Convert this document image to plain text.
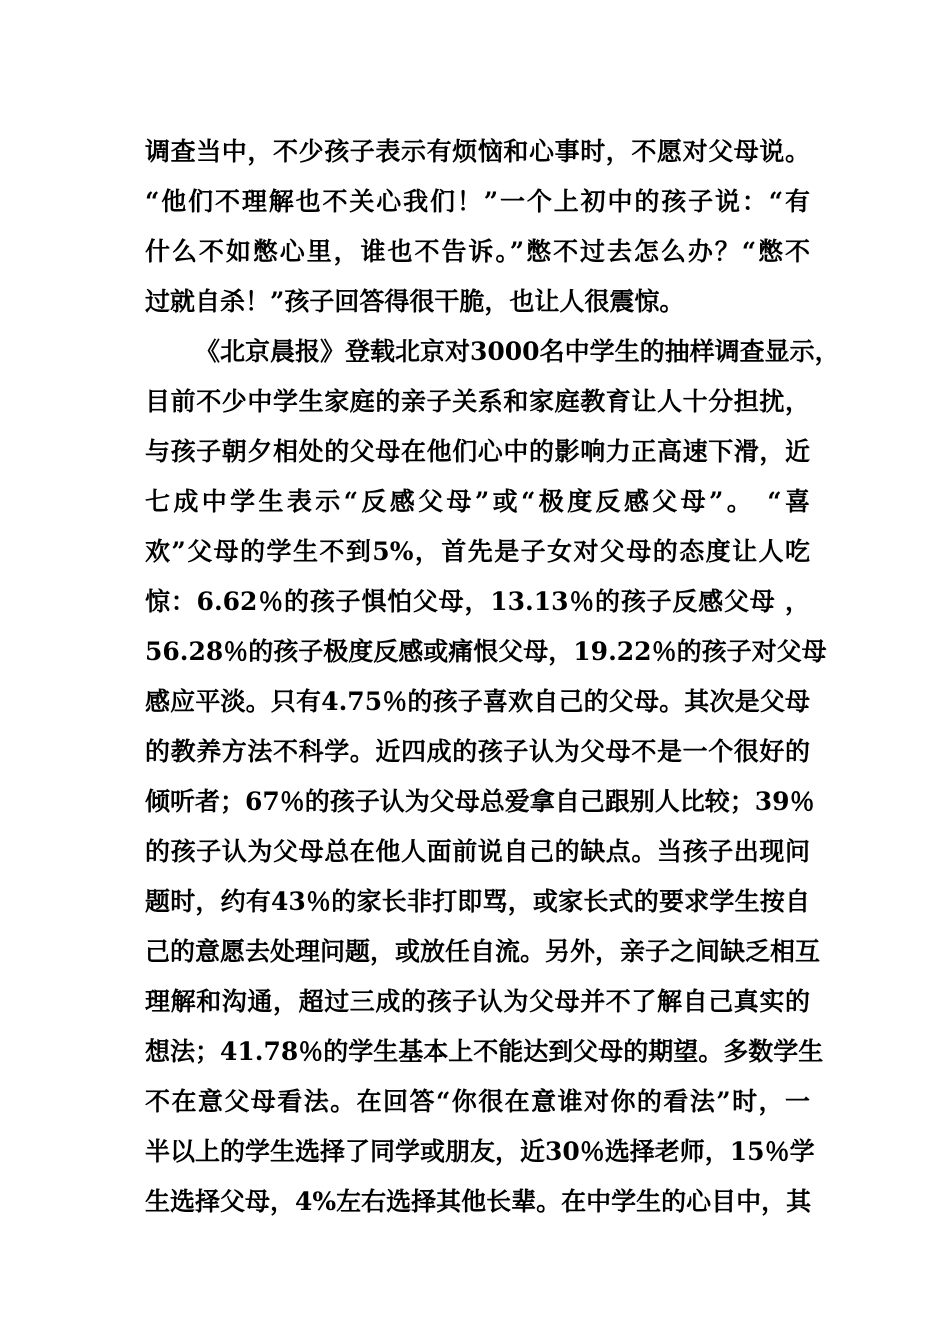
调查当中，不少孩子表示有烦恼和心事时，不愿对父母说。
“他们不理解也不关心我们！”一个上初中的孩子说：“有
什么不如憋心里，谁也不告诉。”憋不过去怎么办？“憋不
过就自杀！”孩子回答得很干脆，也让人很震惊。
《北京晨报》登载北京对3000名中学生的抽样调查显示，
目前不少中学生家庭的亲子关系和家庭教育让人十分担扰，
与孩子朝夕相处的父母在他们心中的影响力正高速下滑，近
七成中学生表示“反感父母”或“极度反感父母”。 “喜
欢”父母的学生不到5%，首先是子女对父母的态度让人吃
惊：6.62％的孩子惧怕父母，13.13％的孩子反感父母 ，
56.28％的孩子极度反感或痛恨父母，19.22％的孩子对父母
感应平淡。只有4.75％的孩子喜欢自己的父母。其次是父母
的教养方法不科学。近四成的孩子认为父母不是一个很好的
倾听者；67％的孩子认为父母总爱拿自己跟别人比较；39％
的孩子认为父母总在他人面前说自己的缺点。当孩子出现问
题时，约有43％的家长非打即骂，或家长式的要求学生按自
己的意愿去处理问题，或放任自流。另外，亲子之间缺乏相互
理解和沟通，超过三成的孩子认为父母并不了解自己真实的
想法；41.78％的学生基本上不能达到父母的期望。多数学生
不在意父母看法。在回答“你很在意谁对你的看法”时，一
半以上的学生选择了同学或朋友，近30％选择老师，15％学
生选择父母，4%左右选择其他长辈。在中学生的心目中，其
